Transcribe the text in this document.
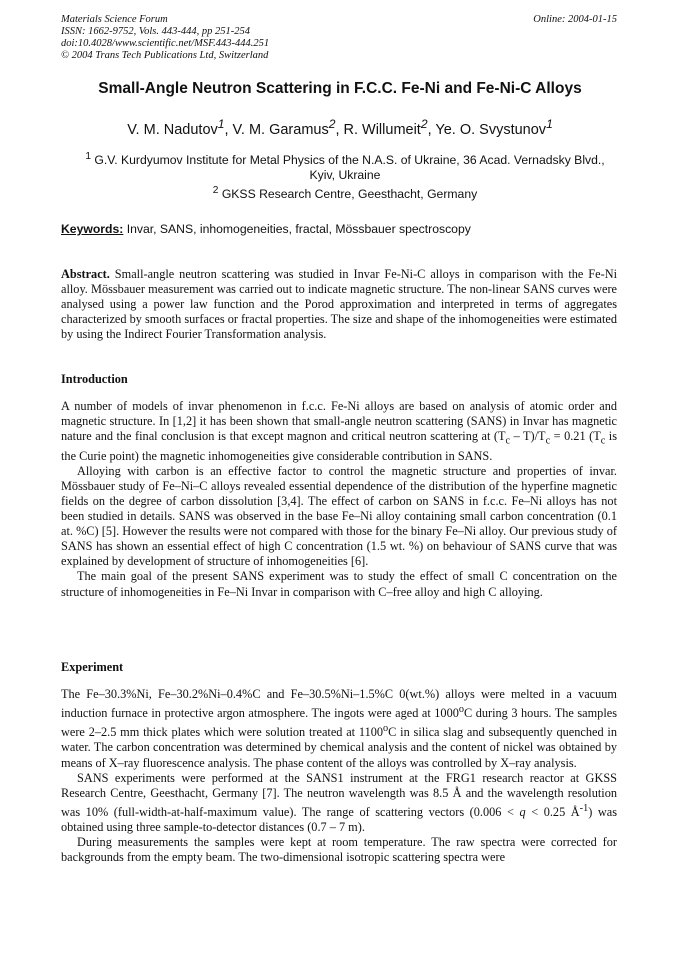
Materials Science Forum
ISSN: 1662-9752, Vols. 443-444, pp 251-254
doi:10.4028/www.scientific.net/MSF.443-444.251
© 2004 Trans Tech Publications Ltd, Switzerland
Online: 2004-01-15
Small-Angle Neutron Scattering in F.C.C. Fe-Ni and Fe-Ni-C Alloys
V. M. Nadutov$^1$, V. M. Garamus$^2$, R. Willumeit$^2$, Ye. O. Svystunov$^1$
$^1$ G.V. Kurdyumov Institute for Metal Physics of the N.A.S. of Ukraine, 36 Acad. Vernadsky Blvd.,
Kyiv, Ukraine
$^2$ GKSS Research Centre, Geesthacht, Germany
Keywords: Invar, SANS, inhomogeneities, fractal, Mössbauer spectroscopy

Abstract. Small-angle neutron scattering was studied in Invar Fe-Ni-C alloys in comparison with the Fe-Ni alloy. Mössbauer measurement was carried out to indicate magnetic structure. The non-linear SANS curves were analysed using a power law function and the Porod approximation and interpreted in terms of aggregates characterized by smooth surfaces or fractal properties. The size and shape of the inhomogeneities were estimated by using the Indirect Fourier Transformation analysis.

Introduction

A number of models of invar phenomenon in f.c.c. Fe-Ni alloys are based on analysis of atomic order and magnetic structure. In [1,2] it has been shown that small-angle neutron scattering (SANS) in Invar has magnetic nature and the final conclusion is that except magnon and critical neutron scattering at $(T_c - T)/T_c = 0.21$ ($T_c$ is the Curie point) the magnetic inhomogeneities give considerable contribution in SANS.

Alloying with carbon is an effective factor to control the magnetic structure and properties of invar. Mössbauer study of Fe–Ni–C alloys revealed essential dependence of the distribution of the hyperfine magnetic fields on the degree of carbon dissolution [3,4]. The effect of carbon on SANS in f.c.c. Fe–Ni alloys has not been studied in details. SANS was observed in the base Fe–Ni alloy containing small carbon concentration (0.1 at. %C) [5]. However the results were not compared with those for the binary Fe–Ni alloy. Our previous study of SANS has shown an essential effect of high C concentration (1.5 wt. %) on behaviour of SANS curve that was explained by development of structure of inhomogeneities [6].

The main goal of the present SANS experiment was to study the effect of small C concentration on the structure of inhomogeneities in Fe–Ni Invar in comparison with C–free alloy and high C alloying.

Experiment

The Fe–30.3%Ni, Fe–30.2%Ni–0.4%C and Fe–30.5%Ni–1.5%C 0(wt.%) alloys were melted in a vacuum induction furnace in protective argon atmosphere. The ingots were aged at 1000$^o$C during 3 hours. The samples were 2–2.5 mm thick plates which were solution treated at 1100$^o$C in silica slag and subsequently quenched in water. The carbon concentration was determined by chemical analysis and the content of nickel was obtained by means of X–ray fluorescence analysis. The phase content of the alloys was controlled by X–ray analysis.

SANS experiments were performed at the SANS1 instrument at the FRG1 research reactor at GKSS Research Centre, Geesthacht, Germany [7]. The neutron wavelength was 8.5 Å and the wavelength resolution was 10% (full-width-at-half-maximum value). The range of scattering vectors (0.006 < q < 0.25 $Å^{-1}$) was obtained using three sample-to-detector distances (0.7 – 7 m).

During measurements the samples were kept at room temperature. The raw spectra were corrected for backgrounds from the empty beam. The two-dimensional isotropic scattering spectra were
